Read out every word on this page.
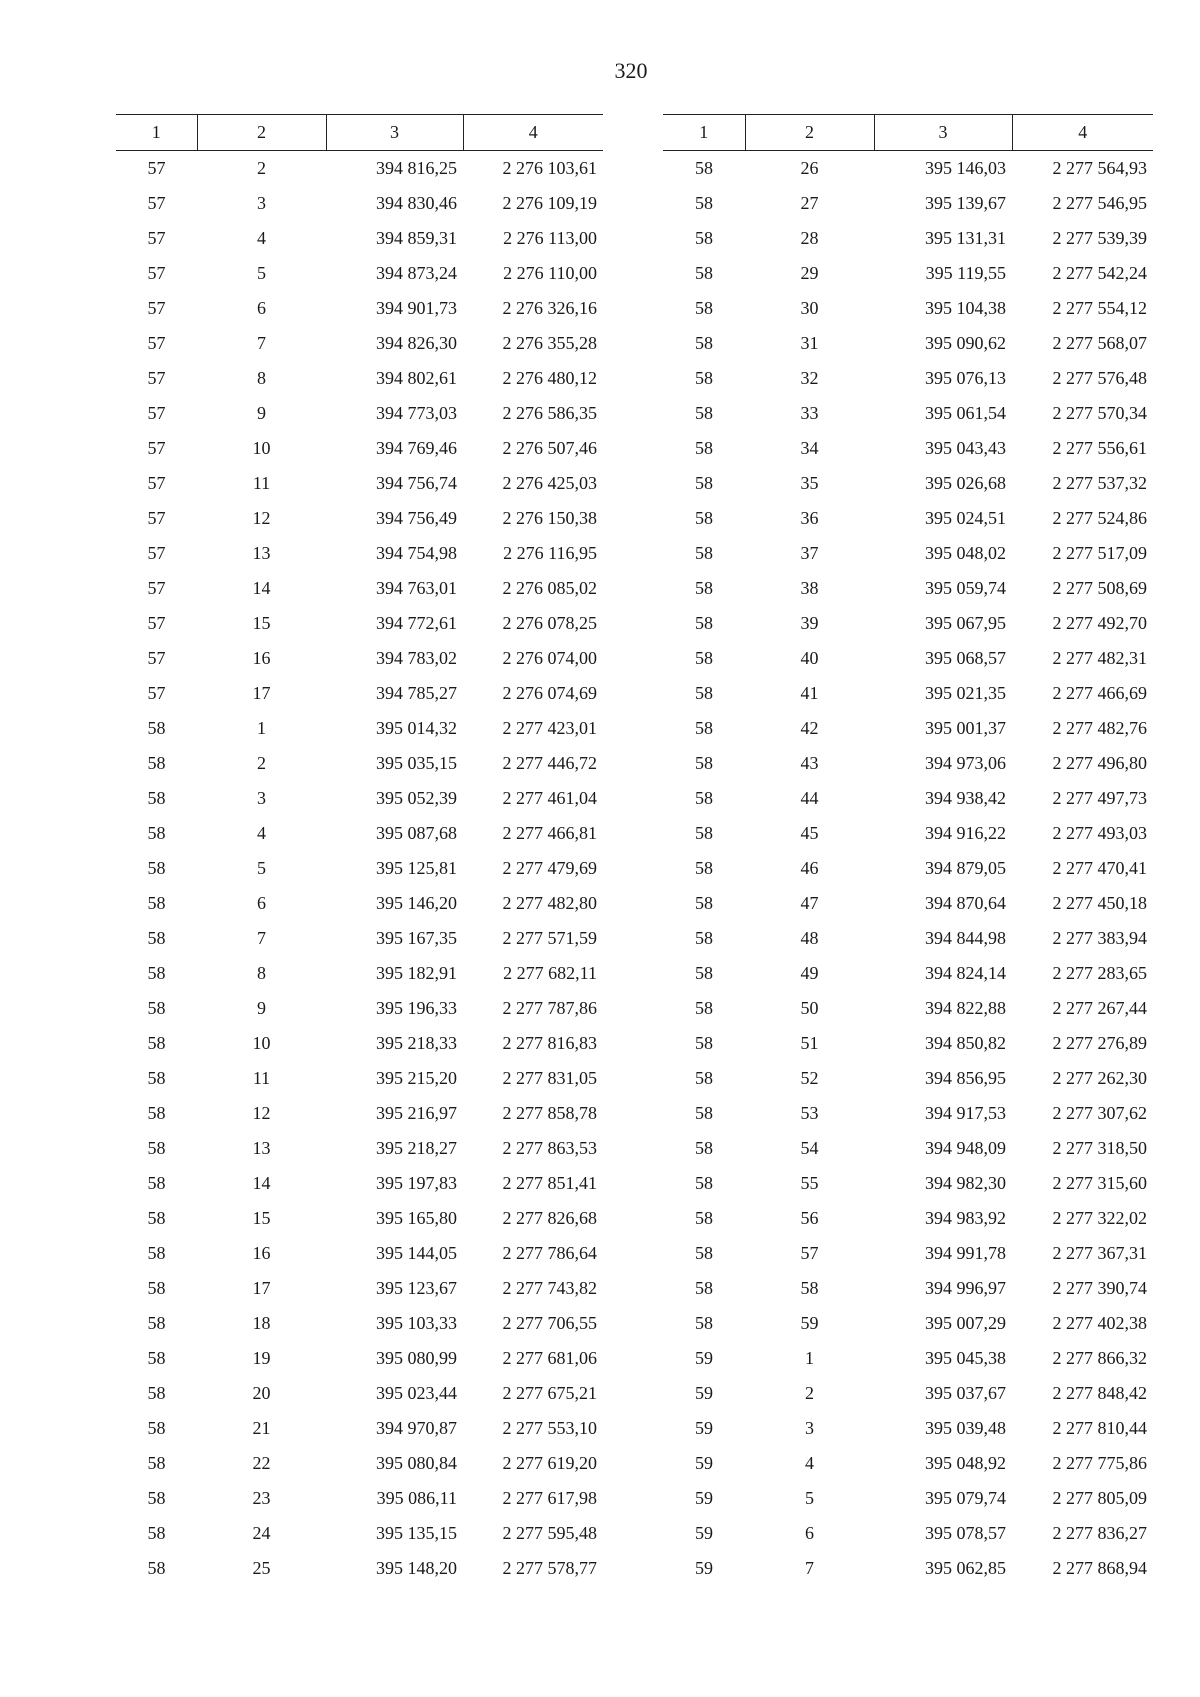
320
1	2	3	4
57	2	394 816,25	2 276 103,61
57	3	394 830,46	2 276 109,19
57	4	394 859,31	2 276 113,00
57	5	394 873,24	2 276 110,00
57	6	394 901,73	2 276 326,16
57	7	394 826,30	2 276 355,28
57	8	394 802,61	2 276 480,12
57	9	394 773,03	2 276 586,35
57	10	394 769,46	2 276 507,46
57	11	394 756,74	2 276 425,03
57	12	394 756,49	2 276 150,38
57	13	394 754,98	2 276 116,95
57	14	394 763,01	2 276 085,02
57	15	394 772,61	2 276 078,25
57	16	394 783,02	2 276 074,00
57	17	394 785,27	2 276 074,69
58	1	395 014,32	2 277 423,01
58	2	395 035,15	2 277 446,72
58	3	395 052,39	2 277 461,04
58	4	395 087,68	2 277 466,81
58	5	395 125,81	2 277 479,69
58	6	395 146,20	2 277 482,80
58	7	395 167,35	2 277 571,59
58	8	395 182,91	2 277 682,11
58	9	395 196,33	2 277 787,86
58	10	395 218,33	2 277 816,83
58	11	395 215,20	2 277 831,05
58	12	395 216,97	2 277 858,78
58	13	395 218,27	2 277 863,53
58	14	395 197,83	2 277 851,41
58	15	395 165,80	2 277 826,68
58	16	395 144,05	2 277 786,64
58	17	395 123,67	2 277 743,82
58	18	395 103,33	2 277 706,55
58	19	395 080,99	2 277 681,06
58	20	395 023,44	2 277 675,21
58	21	394 970,87	2 277 553,10
58	22	395 080,84	2 277 619,20
58	23	395 086,11	2 277 617,98
58	24	395 135,15	2 277 595,48
58	25	395 148,20	2 277 578,77
1	2	3	4
58	26	395 146,03	2 277 564,93
58	27	395 139,67	2 277 546,95
58	28	395 131,31	2 277 539,39
58	29	395 119,55	2 277 542,24
58	30	395 104,38	2 277 554,12
58	31	395 090,62	2 277 568,07
58	32	395 076,13	2 277 576,48
58	33	395 061,54	2 277 570,34
58	34	395 043,43	2 277 556,61
58	35	395 026,68	2 277 537,32
58	36	395 024,51	2 277 524,86
58	37	395 048,02	2 277 517,09
58	38	395 059,74	2 277 508,69
58	39	395 067,95	2 277 492,70
58	40	395 068,57	2 277 482,31
58	41	395 021,35	2 277 466,69
58	42	395 001,37	2 277 482,76
58	43	394 973,06	2 277 496,80
58	44	394 938,42	2 277 497,73
58	45	394 916,22	2 277 493,03
58	46	394 879,05	2 277 470,41
58	47	394 870,64	2 277 450,18
58	48	394 844,98	2 277 383,94
58	49	394 824,14	2 277 283,65
58	50	394 822,88	2 277 267,44
58	51	394 850,82	2 277 276,89
58	52	394 856,95	2 277 262,30
58	53	394 917,53	2 277 307,62
58	54	394 948,09	2 277 318,50
58	55	394 982,30	2 277 315,60
58	56	394 983,92	2 277 322,02
58	57	394 991,78	2 277 367,31
58	58	394 996,97	2 277 390,74
58	59	395 007,29	2 277 402,38
59	1	395 045,38	2 277 866,32
59	2	395 037,67	2 277 848,42
59	3	395 039,48	2 277 810,44
59	4	395 048,92	2 277 775,86
59	5	395 079,74	2 277 805,09
59	6	395 078,57	2 277 836,27
59	7	395 062,85	2 277 868,94
